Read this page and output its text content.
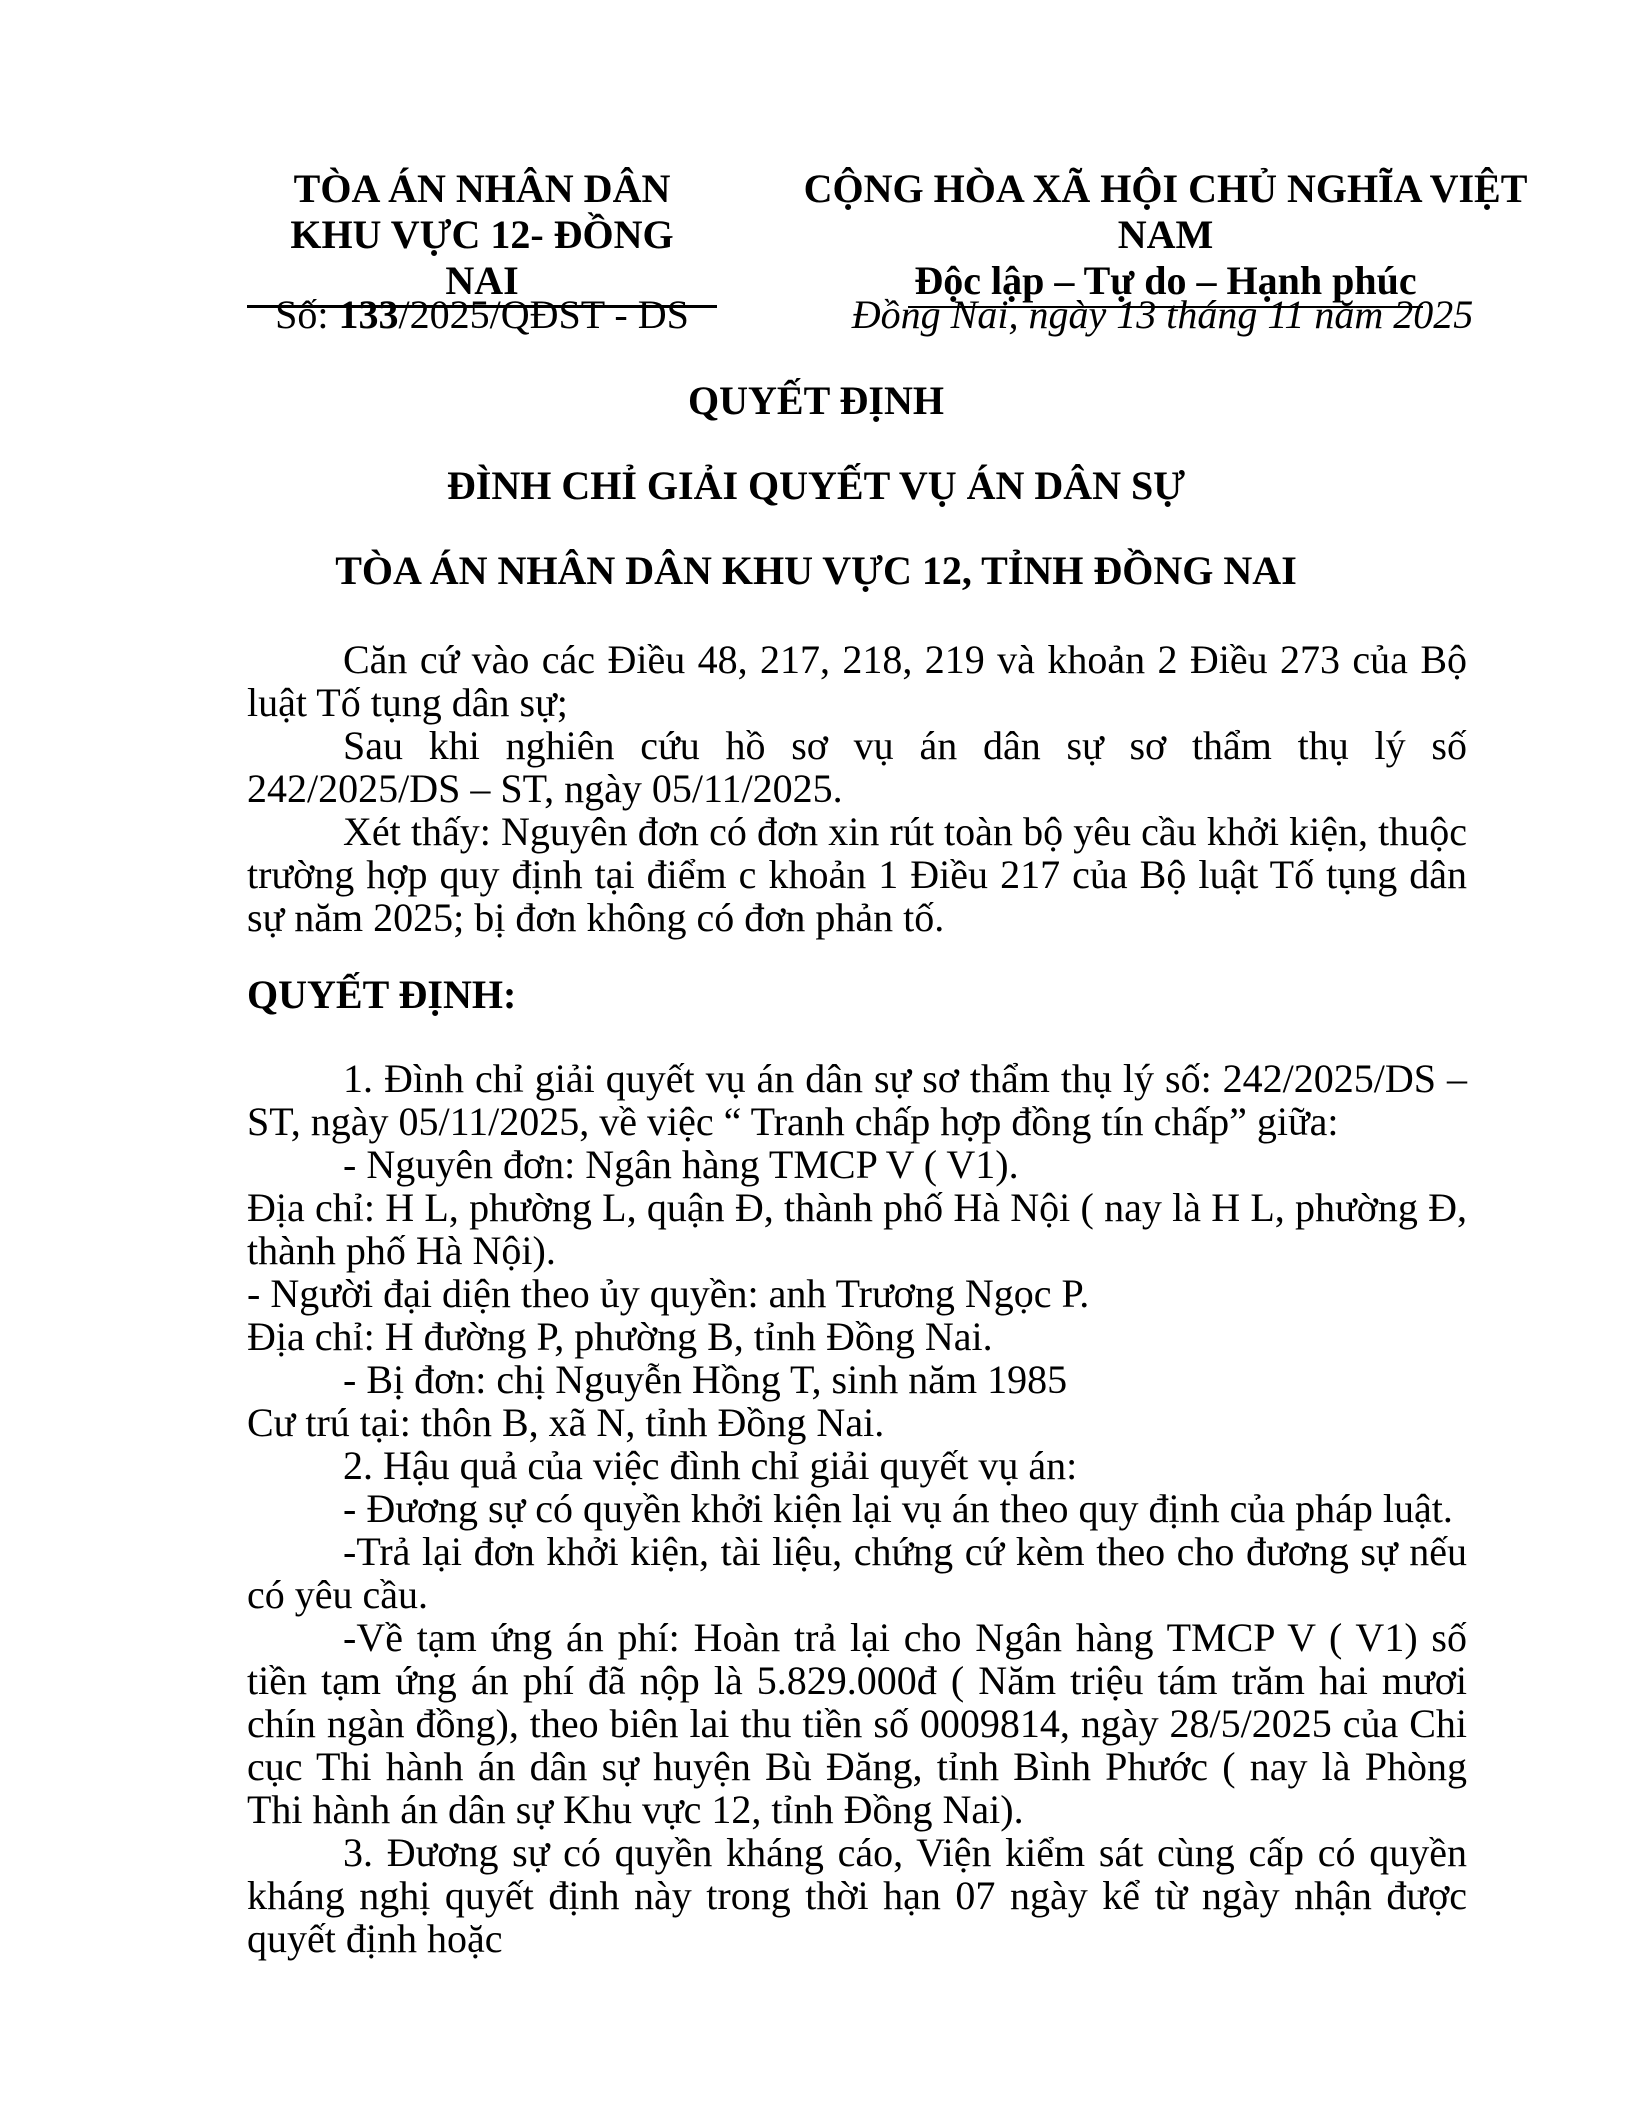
TÒA ÁN NHÂN DÂN
KHU VỰC 12- ĐỒNG NAI
CỘNG HÒA XÃ HỘI CHỦ NGHĨA VIỆT NAM
Độc lập – Tự do – Hạnh phúc
Số: 133/2025/QĐST - DS	Đồng Nai, ngày 13 tháng 11 năm 2025
QUYẾT ĐỊNH
ĐÌNH CHỈ GIẢI QUYẾT VỤ ÁN DÂN SỰ
TÒA ÁN NHÂN DÂN KHU VỰC 12, TỈNH ĐỒNG NAI

Căn cứ vào các Điều 48, 217, 218, 219 và khoản 2 Điều 273 của Bộ luật Tố tụng dân sự;

Sau khi nghiên cứu hồ sơ vụ án dân sự sơ thẩm thụ lý số 242/2025/DS – ST, ngày 05/11/2025.

Xét thấy: Nguyên đơn có đơn xin rút toàn bộ yêu cầu khởi kiện, thuộc trường hợp quy định tại điểm c khoản 1 Điều 217 của Bộ luật Tố tụng dân sự năm 2025; bị đơn không có đơn phản tố.

QUYẾT ĐỊNH:

1. Đình chỉ giải quyết vụ án dân sự sơ thẩm thụ lý số: 242/2025/DS – ST, ngày 05/11/2025, về việc “ Tranh chấp hợp đồng tín chấp” giữa:

- Nguyên đơn: Ngân hàng TMCP V ( V1).

Địa chỉ: H L, phường L, quận Đ, thành phố Hà Nội ( nay là H L, phường Đ, thành phố Hà Nội).

- Người đại diện theo ủy quyền: anh Trương Ngọc P.

Địa chỉ: H đường P, phường B, tỉnh Đồng Nai.

- Bị đơn: chị Nguyễn Hồng T, sinh năm 1985

Cư trú tại: thôn B, xã N, tỉnh Đồng Nai.

2. Hậu quả của việc đình chỉ giải quyết vụ án:

- Đương sự có quyền khởi kiện lại vụ án theo quy định của pháp luật.

-Trả lại đơn khởi kiện, tài liệu, chứng cứ kèm theo cho đương sự nếu có yêu cầu.

-Về tạm ứng án phí: Hoàn trả lại cho Ngân hàng TMCP V ( V1) số tiền tạm ứng án phí đã nộp là 5.829.000đ ( Năm triệu tám trăm hai mươi chín ngàn đồng), theo biên lai thu tiền số 0009814, ngày 28/5/2025 của Chi cục Thi hành án dân sự huyện Bù Đăng, tỉnh Bình Phước ( nay là Phòng Thi hành án dân sự Khu vực 12, tỉnh Đồng Nai).

3. Đương sự có quyền kháng cáo, Viện kiểm sát cùng cấp có quyền kháng nghị quyết định này trong thời hạn 07 ngày kể từ ngày nhận được quyết định hoặc
